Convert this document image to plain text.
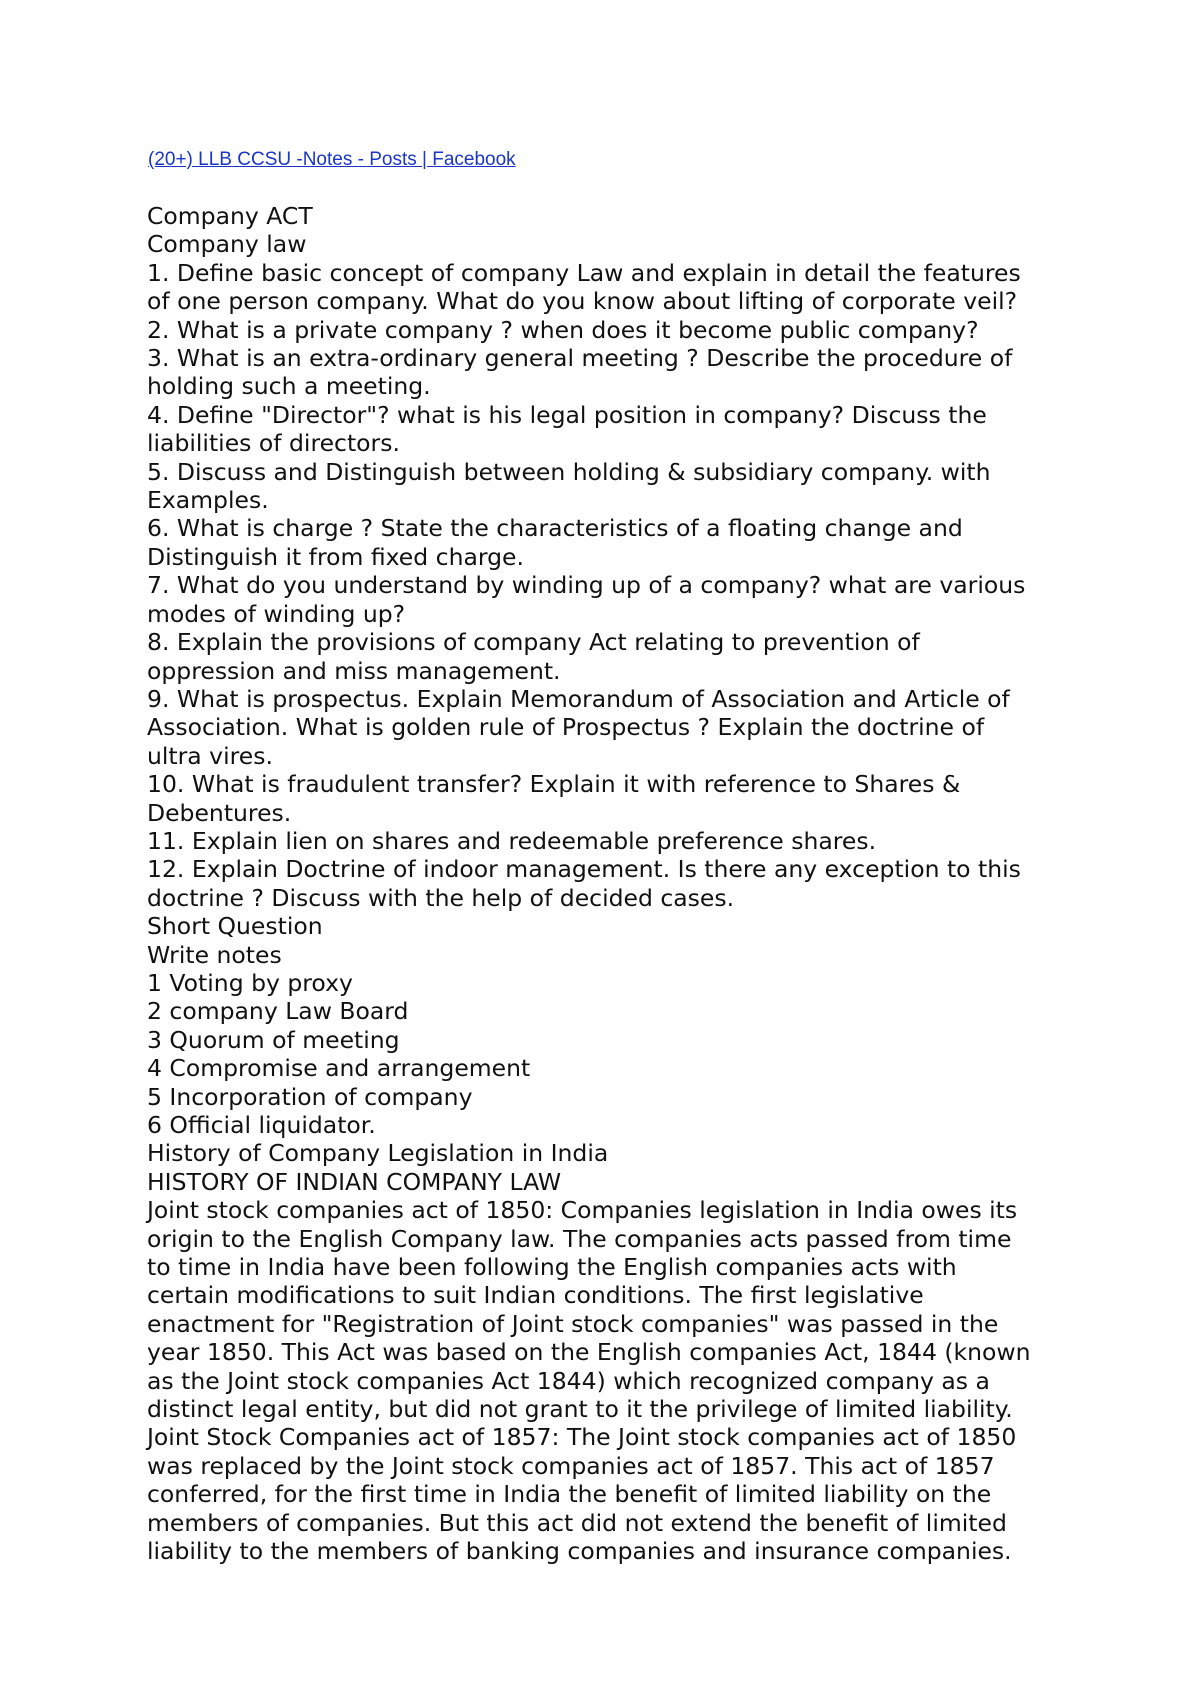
(20+) LLB CCSU -Notes - Posts | Facebook
Company ACT
Company law
1. Define basic concept of company Law and explain in detail the features
of one person company. What do you know about lifting of corporate veil?
2. What is a private company ? when does it become public company?
3. What is an extra-ordinary general meeting ? Describe the procedure of
holding such a meeting.
4. Define "Director"? what is his legal position in company? Discuss the
liabilities of directors.
5. Discuss and Distinguish between holding & subsidiary company. with
Examples.
6. What is charge ? State the characteristics of a floating change and
Distinguish it from fixed charge.
7. What do you understand by winding up of a company? what are various
modes of winding up?
8. Explain the provisions of company Act relating to prevention of
oppression and miss management.
9. What is prospectus. Explain Memorandum of Association and Article of
Association. What is golden rule of Prospectus ? Explain the doctrine of
ultra vires.
10. What is fraudulent transfer? Explain it with reference to Shares &
Debentures.
11. Explain lien on shares and redeemable preference shares.
12. Explain Doctrine of indoor management. Is there any exception to this
doctrine ? Discuss with the help of decided cases.
Short Question
Write notes
1 Voting by proxy
2 company Law Board
3 Quorum of meeting
4 Compromise and arrangement
5 Incorporation of company
6 Official liquidator.
History of Company Legislation in India
HISTORY OF INDIAN COMPANY LAW
Joint stock companies act of 1850: Companies legislation in India owes its
origin to the English Company law. The companies acts passed from time
to time in India have been following the English companies acts with
certain modifications to suit Indian conditions. The first legislative
enactment for "Registration of Joint stock companies" was passed in the
year 1850. This Act was based on the English companies Act, 1844 (known
as the Joint stock companies Act 1844) which recognized company as a
distinct legal entity, but did not grant to it the privilege of limited liability.
Joint Stock Companies act of 1857: The Joint stock companies act of 1850
was replaced by the Joint stock companies act of 1857. This act of 1857
conferred, for the first time in India the benefit of limited liability on the
members of companies. But this act did not extend the benefit of limited
liability to the members of banking companies and insurance companies.
